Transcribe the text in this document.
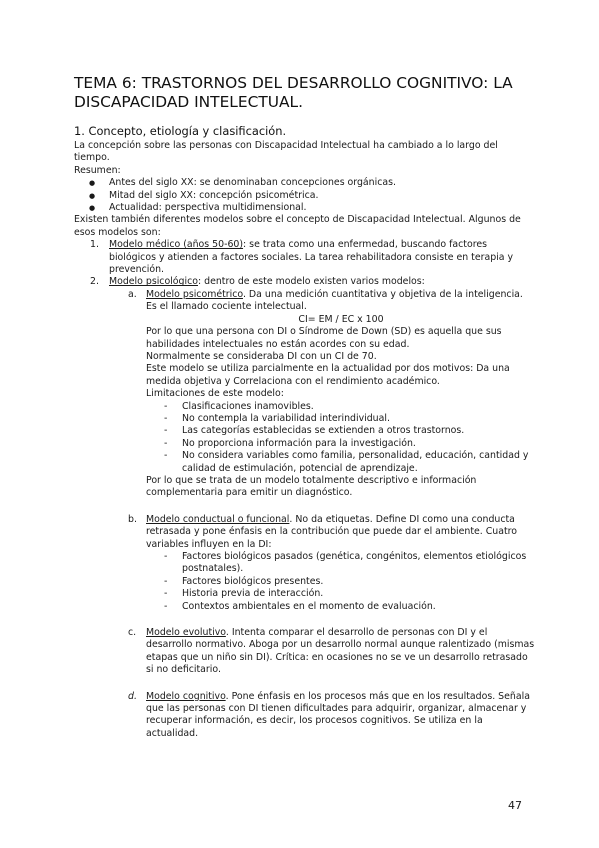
TEMA 6: TRASTORNOS DEL DESARROLLO COGNITIVO: LA DISCAPACIDAD INTELECTUAL.
1. Concepto, etiología y clasificación.

La concepción sobre las personas con Discapacidad Intelectual ha cambiado a lo largo del tiempo.

Resumen:

● Antes del siglo XX: se denominaban concepciones orgánicas.

● Mitad del siglo XX: concepción psicométrica.

● Actualidad: perspectiva multidimensional.

Existen también diferentes modelos sobre el concepto de Discapacidad Intelectual. Algunos de esos modelos son:

1. Modelo médico (años 50-60): se trata como una enfermedad, buscando factores biológicos y atienden a factores sociales. La tarea rehabilitadora consiste en terapia y prevención.

2. Modelo psicológico: dentro de este modelo existen varios modelos:

a. Modelo psicométrico. Da una medición cuantitativa y objetiva de la inteligencia. Es el llamado cociente intelectual.

CI= EM / EC x 100

Por lo que una persona con DI o Síndrome de Down (SD) es aquella que sus habilidades intelectuales no están acordes con su edad.

Normalmente se consideraba DI con un CI de 70.

Este modelo se utiliza parcialmente en la actualidad por dos motivos: Da una medida objetiva y Correlaciona con el rendimiento académico.

Limitaciones de este modelo:

- Clasificaciones inamovibles.

- No contempla la variabilidad interindividual.

- Las categorías establecidas se extienden a otros trastornos.

- No proporciona información para la investigación.

- No considera variables como familia, personalidad, educación, cantidad y calidad de estimulación, potencial de aprendizaje.

Por lo que se trata de un modelo totalmente descriptivo e información complementaria para emitir un diagnóstico.

b. Modelo conductual o funcional. No da etiquetas. Define DI como una conducta retrasada y pone énfasis en la contribución que puede dar el ambiente. Cuatro variables influyen en la DI:

- Factores biológicos pasados (genética, congénitos, elementos etiológicos postnatales).

- Factores biológicos presentes.

- Historia previa de interacción.

- Contextos ambientales en el momento de evaluación.

c. Modelo evolutivo. Intenta comparar el desarrollo de personas con DI y el desarrollo normativo. Aboga por un desarrollo normal aunque ralentizado (mismas etapas que un niño sin DI). Crítica: en ocasiones no se ve un desarrollo retrasado si no deficitario.

d. Modelo cognitivo. Pone énfasis en los procesos más que en los resultados. Señala que las personas con DI tienen dificultades para adquirir, organizar, almacenar y recuperar información, es decir, los procesos cognitivos. Se utiliza en la actualidad.

47
